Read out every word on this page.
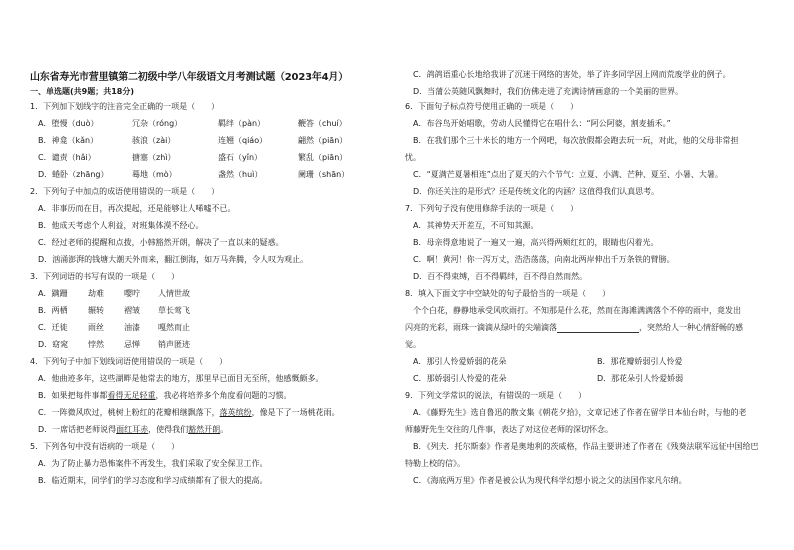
山东省寿光市营里镇第二初级中学八年级语文月考测试题（2023年4月）
一、单选题(共9题；共18分)
1．下列加下划线字的注音完全正确的一项是（　　）
A．堕慢（duò）	冗杂（róng）	羁绊（pàn）	鞭答（chuí）
B．神龛（kǎn）	骇浪（zài）	连翘（qiáo）	翩然（piān）
C．谴责（hǎi）	搪塞（zhì）	盛石（yǐn）	繁乱（piān）
D．蜷卧（zhāng）	蓦地（mò）	盏然（huì）	阑珊（shān）
2．下列句子中加点的成语使用错误的一项是（　　）
A．非事历而在目，再次提起，还是能够让人唏嘘不已。
B．他成天考虑个人利益，对班集体漠不经心。
C．经过老师的提醒和点拨，小韩豁然开朗，解决了一直以来的疑惑。
D．汹涌澎湃的钱塘大潮天外而来，翻江倒海，如万马奔腾，令人叹为观止。
3．下列词语的书写有误的一项是（　　）
A．蹒跚	劫难	嘤咛 人情世故
B．两栖	辗转	褶皱 草长莺飞
C．迁徙	雨丝	油漆 嘎然而止
D．窈窕 悖然	忌惮 销声匿迹
4．下列句子中加下划线词语使用错误的一项是（　　）
A．他曲迹多年，这些湖畔是他常去的地方，那里早已面目无至所，他感慨颇多。
B．如果把每件事都看得无足轻重，我必将培养多个角度看问题的习惯。
C．一阵微风吹过，桃树上粉红的花瓣相继飘落下，落英缤纷，像是下了一场桃花雨。
D．一席话把老师说得面红耳赤，使得我们豁然开朗。
5．下列各句中没有语病的一项是（　　）
A．为了防止暴力恐怖案件不再发生，我们采取了安全保卫工作。
B．临近期末，同学们的学习态度和学习成绩都有了很大的提高。
C．鸽鸽语重心长地给我讲了沉迷于网络的害处，举了许多同学因上网而荒废学业的例子。
D．当蒲公英随风飘舞时，我们仿佛走进了充满诗情画意的一个美丽的世界。
6．下面句子标点符号使用正确的一项是（　　）
A．布谷鸟开始唱歌，劳动人民懂得它在唱什么：“阿公阿婆，割麦插禾。”
B．在我们那个三十米长的地方一个网吧，每次放假都会跑去玩一玩，对此，他的父母非常担
忧。
C．“夏满芒夏暑相连”点出了夏天的六个节气：立夏、小满、芒种、夏至、小暑、大暑。
D．你还关注的是形式？还是传统文化的内涵？这值得我们认真思考。
7．下列句子没有使用修辞手法的一项是（　　）
A．其神势天开差互，不可知其源。
B．母亲得意地说了一遍又一遍，高兴得两颊红红的，眼睛也闪着光。
C．啊！黄河！你一泻万丈，浩浩荡荡，向南北两岸伸出千万条铁的臂膀。
D．百不得束缚，百不得羁绊，百不得自然而然。
8．填入下面文字中空缺处的句子最恰当的一项是（　　）
个个白花，静静地承受风吹雨打。不知那是什么花，然而在海滩满满落个不停的雨中，竟发出
闪亮的光彩，雨珠一滴滴从绿叶的尖端滴落	，突然给人一种心情舒畅的感
觉。
A．那引人怜爱娇弱的花朵	B．那花瓣娇弱引人怜爱
C．那娇弱引人怜爱的花朵	D．那花朵引人怜爱娇弱
9．下列文学常识的说法，有错误的一项是（　　）
A．《藤野先生》选自鲁迅的散文集《朝花夕拾》，文章记述了作者在留学日本仙台时，与他的老
师藤野先生交往的几件事，表达了对这位老师的深切怀念。
B．《列夫．托尔斯泰》作者是奥地利的茨威格，作品主要讲述了作者在《残葵法联军远征中国给巴
特勒上校的信》。
C．《海底两万里》作者是被公认为现代科学幻想小说之父的法国作家凡尔纳。
